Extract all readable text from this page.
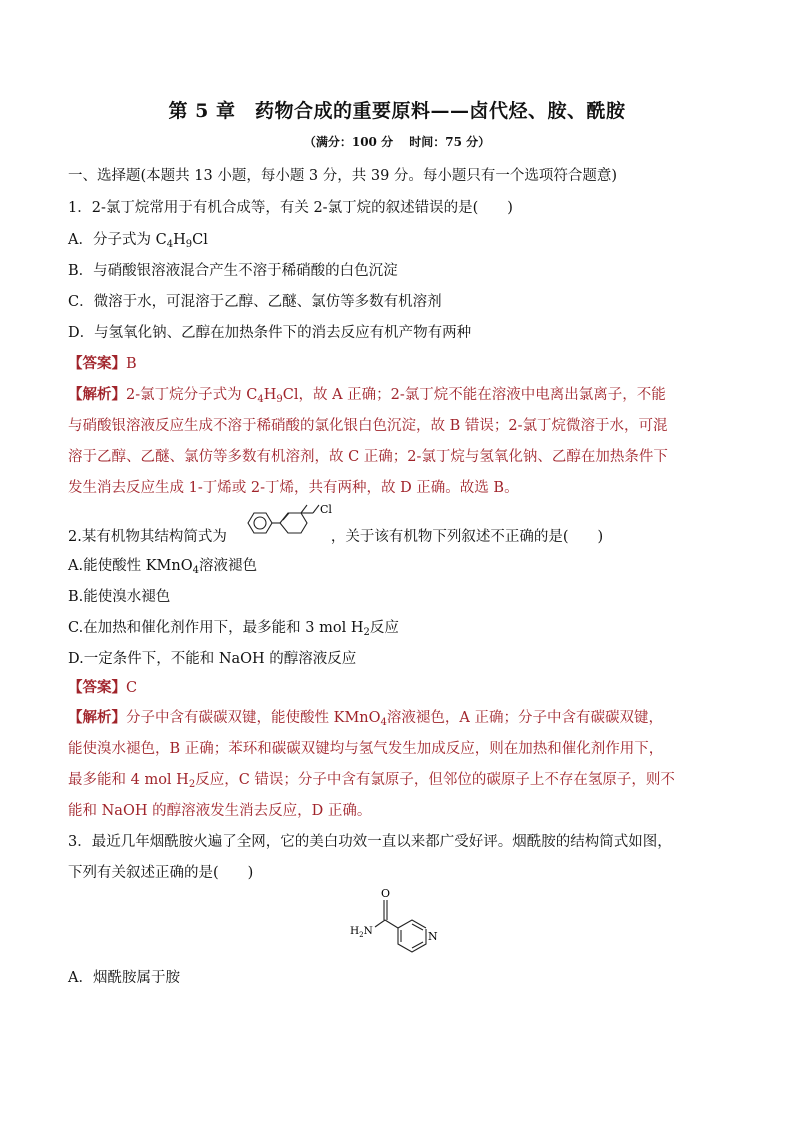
第 5 章　药物合成的重要原料——卤代烃、胺、酰胺
（满分：100 分　 时间：75 分）
一、选择题(本题共 13 小题，每小题 3 分，共 39 分。每小题只有一个选项符合题意)
1．2-氯丁烷常用于有机合成等，有关 2-氯丁烷的叙述错误的是(　　)
A．分子式为 $C_4H_9Cl$
B．与硝酸银溶液混合产生不溶于稀硝酸的白色沉淀
C．微溶于水，可混溶于乙醇、乙醚、氯仿等多数有机溶剂
D．与氢氧化钠、乙醇在加热条件下的消去反应有机产物有两种
【答案】B
【解析】2-氯丁烷分子式为 $C_4H_9Cl$，故 A 正确；2-氯丁烷不能在溶液中电离出氯离子，不能
与硝酸银溶液反应生成不溶于稀硝酸的氯化银白色沉淀，故 B 错误；2-氯丁烷微溶于水，可混
溶于乙醇、乙醚、氯仿等多数有机溶剂，故 C 正确；2-氯丁烷与氢氧化钠、乙醇在加热条件下
发生消去反应生成 1-丁烯或 2-丁烯，共有两种，故 D 正确。故选 B。
2.某有机物其结构简式为	，关于该有机物下列叙述不正确的是(　　)
Cl
A.能使酸性 KMnO$_4$溶液褪色
B.能使溴水褪色
C.在加热和催化剂作用下，最多能和 3 mol $H_2$反应
D.一定条件下，不能和 NaOH 的醇溶液反应
【答案】C
【解析】分子中含有碳碳双键，能使酸性 KMnO$_4$溶液褪色，A 正确；分子中含有碳碳双键，
能使溴水褪色，B 正确；苯环和碳碳双键均与氢气发生加成反应，则在加热和催化剂作用下，
最多能和 4 mol $H_2$反应，C 错误；分子中含有氯原子，但邻位的碳原子上不存在氢原子，则不
能和 NaOH 的醇溶液发生消去反应，D 正确。
3．最近几年烟酰胺火遍了全网，它的美白功效一直以来都广受好评。烟酰胺的结构简式如图，
下列有关叙述正确的是(　　)
O
$H_2N$	N
A．烟酰胺属于胺
